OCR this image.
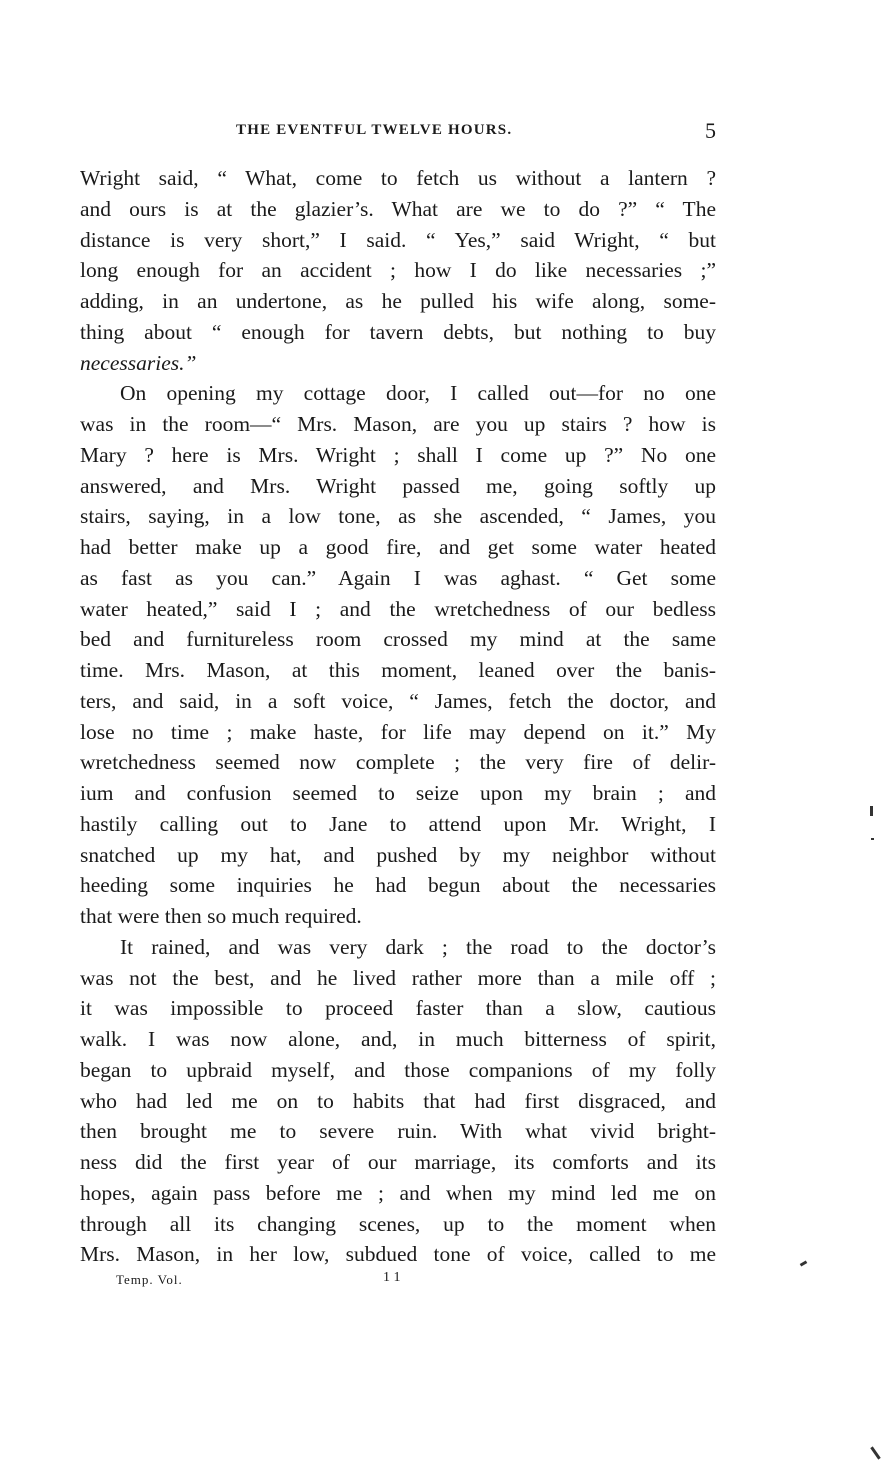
THE EVENTFUL TWELVE HOURS.	5
Wright said, “ What, come to fetch us without a lantern ?
and ours is at the glazier’s. What are we to do ?” “ The
distance is very short,” I said. “ Yes,” said Wright, “ but
long enough for an accident ; how I do like necessaries ;”
adding, in an undertone, as he pulled his wife along, some-
thing about “ enough for tavern debts, but nothing to buy
necessaries.”
On opening my cottage door, I called out—for no one
was in the room—“ Mrs. Mason, are you up stairs ? how is
Mary ? here is Mrs. Wright ; shall I come up ?” No one
answered, and Mrs. Wright passed me, going softly up
stairs, saying, in a low tone, as she ascended, “ James, you
had better make up a good fire, and get some water heated
as fast as you can.” Again I was aghast. “ Get some
water heated,” said I ; and the wretchedness of our bedless
bed and furnitureless room crossed my mind at the same
time. Mrs. Mason, at this moment, leaned over the banis-
ters, and said, in a soft voice, “ James, fetch the doctor, and
lose no time ; make haste, for life may depend on it.” My
wretchedness seemed now complete ; the very fire of delir-
ium and confusion seemed to seize upon my brain ; and
hastily calling out to Jane to attend upon Mr. Wright, I
snatched up my hat, and pushed by my neighbor without
heeding some inquiries he had begun about the necessaries
that were then so much required.
It rained, and was very dark ; the road to the doctor’s
was not the best, and he lived rather more than a mile off ;
it was impossible to proceed faster than a slow, cautious
walk. I was now alone, and, in much bitterness of spirit,
began to upbraid myself, and those companions of my folly
who had led me on to habits that had first disgraced, and
then brought me to severe ruin. With what vivid bright-
ness did the first year of our marriage, its comforts and its
hopes, again pass before me ; and when my mind led me on
through all its changing scenes, up to the moment when
Mrs. Mason, in her low, subdued tone of voice, called to me
Temp. Vol.	1 1
